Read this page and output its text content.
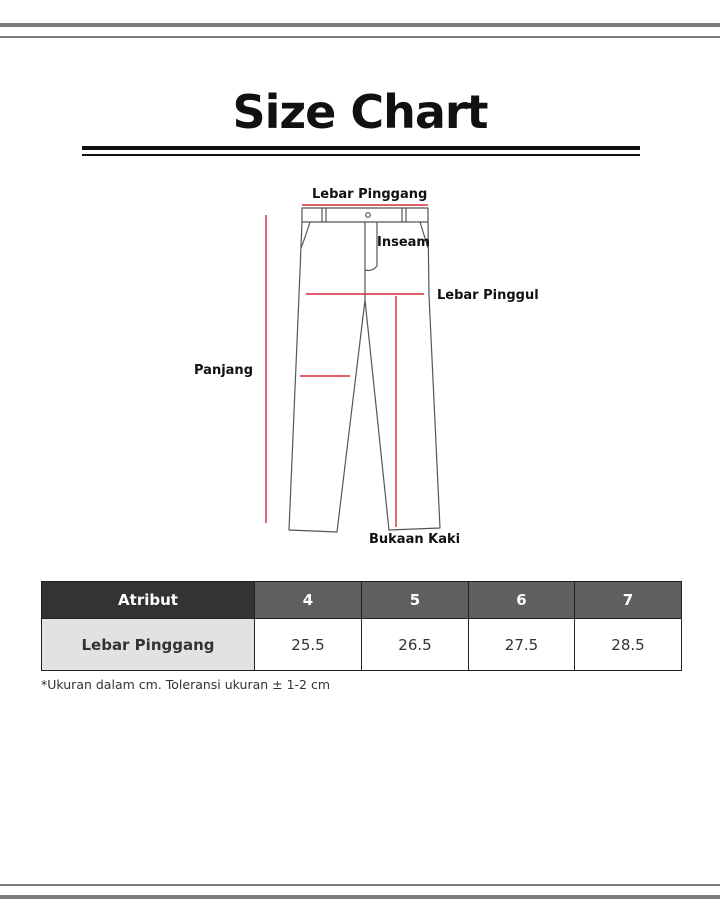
Size Chart
Lebar Pinggang
Inseam
Lebar Pinggul
Panjang
Bukaan Kaki
Atribut	4	5	6	7
Lebar Pinggang	25.5	26.5	27.5	28.5
*Ukuran dalam cm. Toleransi ukuran ± 1-2 cm
